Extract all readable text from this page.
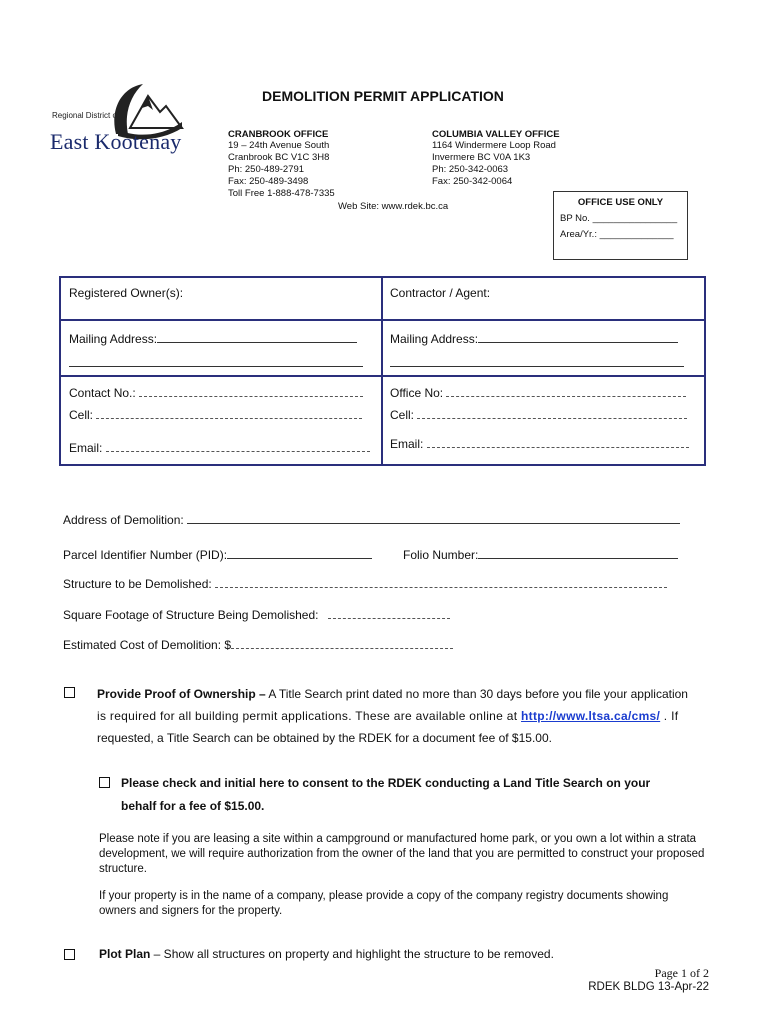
Regional District of
East Kootenay
DEMOLITION PERMIT APPLICATION
CRANBROOK OFFICE
19 – 24th Avenue South
Cranbrook BC V1C 3H8
Ph: 250-489-2791
Fax: 250-489-3498
Toll Free 1-888-478-7335
COLUMBIA VALLEY OFFICE
1164 Windermere Loop Road
Invermere BC V0A 1K3
Ph: 250-342-0063
Fax: 250-342-0064
Web Site: www.rdek.bc.ca	OFFICE USE ONLY
BP No. ________________
Area/Yr.: ______________
Registered Owner(s):	Contractor / Agent:
Mailing Address:	Mailing Address:
Contact No.:	Office No:
Cell:	Cell:
Email:	Email:
Address of Demolition:
Parcel Identifier Number (PID):	Folio Number:
Structure to be Demolished:
Square Footage of Structure Being Demolished:
Estimated Cost of Demolition: $
Provide Proof of Ownership – A Title Search print dated no more than 30 days before you file your application
is required for all building permit applications. These are available online at http://www.ltsa.ca/cms/ . If
requested, a Title Search can be obtained by the RDEK for a document fee of $15.00.
Please check and initial here to consent to the RDEK conducting a Land Title Search on your
behalf for a fee of $15.00.
Please note if you are leasing a site within a campground or manufactured home park, or you own a lot within a strata development, we will require authorization from the owner of the land that you are permitted to construct your proposed structure.
If your property is in the name of a company, please provide a copy of the company registry documents showing owners and signers for the property.
Plot Plan – Show all structures on property and highlight the structure to be removed.
Page 1 of 2
RDEK BLDG 13-Apr-22
